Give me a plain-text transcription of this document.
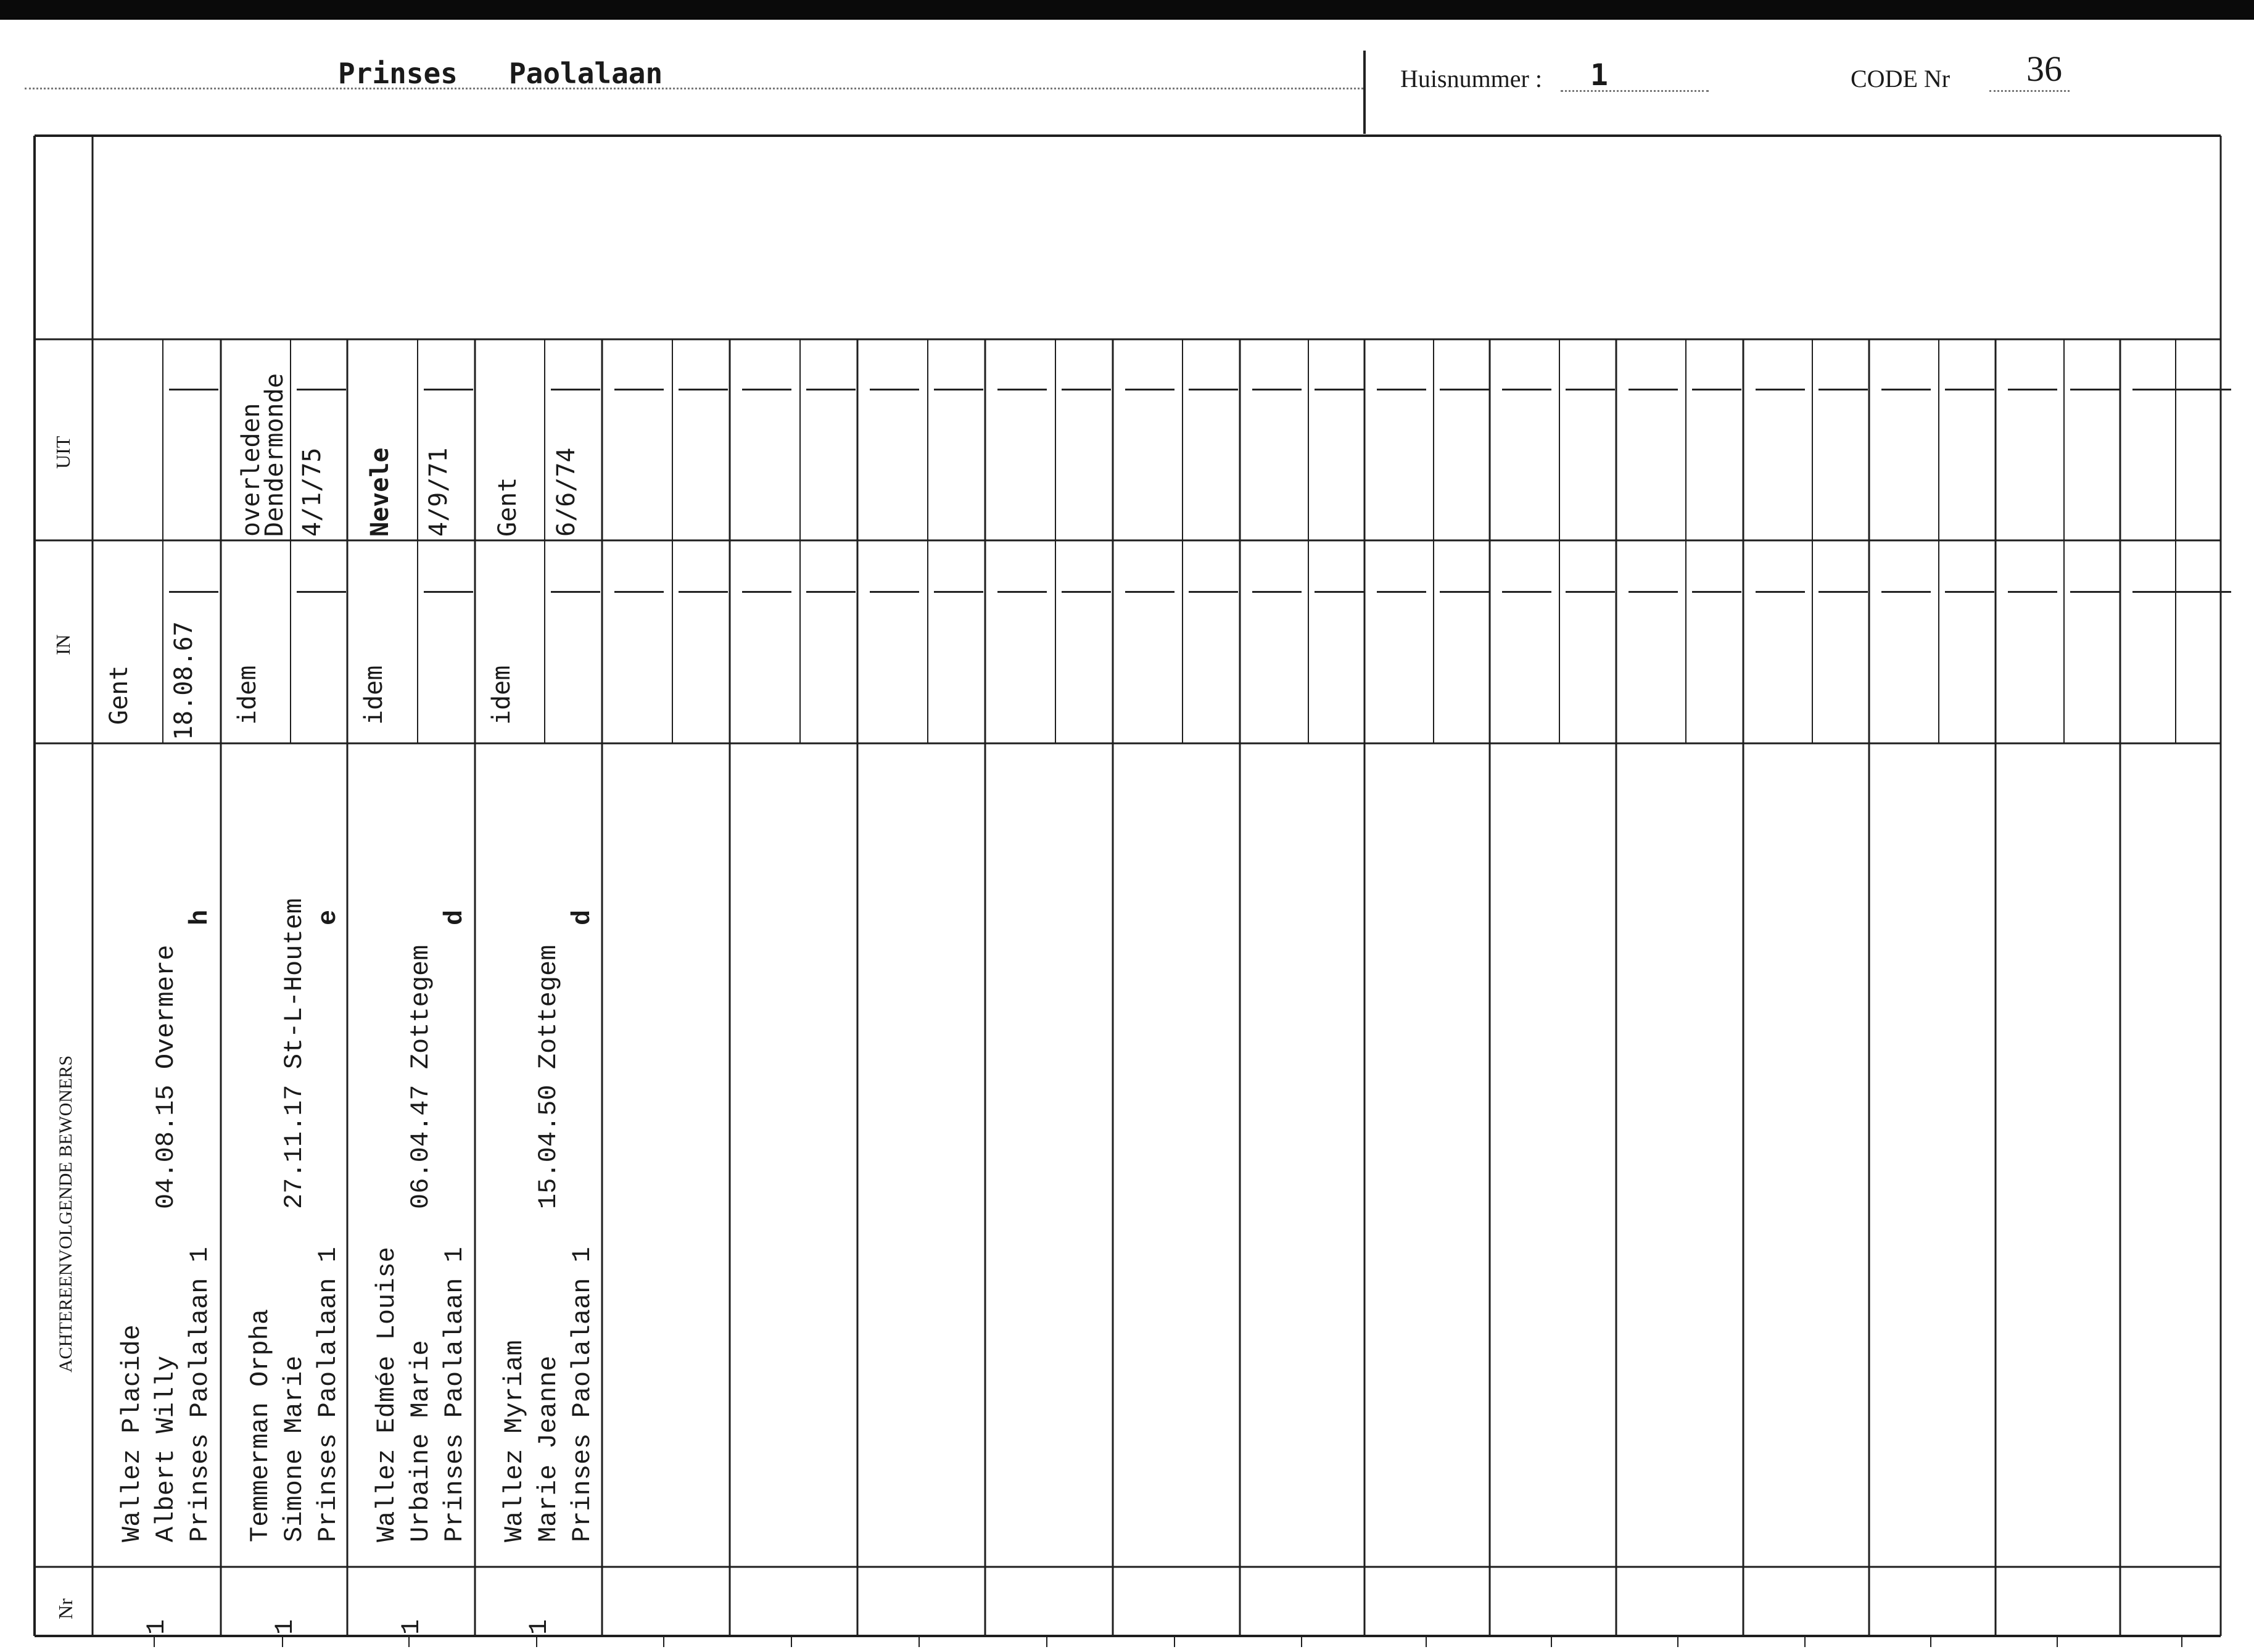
Prinses   Paolalaan	Huisnummer : 1	CODE Nr 36
UIT
IN
ACHTEREENVOLGENDE BEWONERS
Nr
Gent 18.08.67
Wallez Placide Albert Willy Prinses Paolalaan 1
04.08.15 Overmere
h
1
idem
overleden
Dendermonde 4/1/75
Temmerman Orpha Simone Marie Prinses Paolalaan 1
27.11.17 St-L-Houtem e
1
idem
Nevele 4/9/71
Wallez Edmée Louise Urbaine Marie Prinses Paolalaan 1
06.04.47 Zottegem
d
1
idem
Gent 6/6/74
Wallez Myriam Marie Jeanne Prinses Paolalaan 1
15.04.50 Zottegem
d
1
